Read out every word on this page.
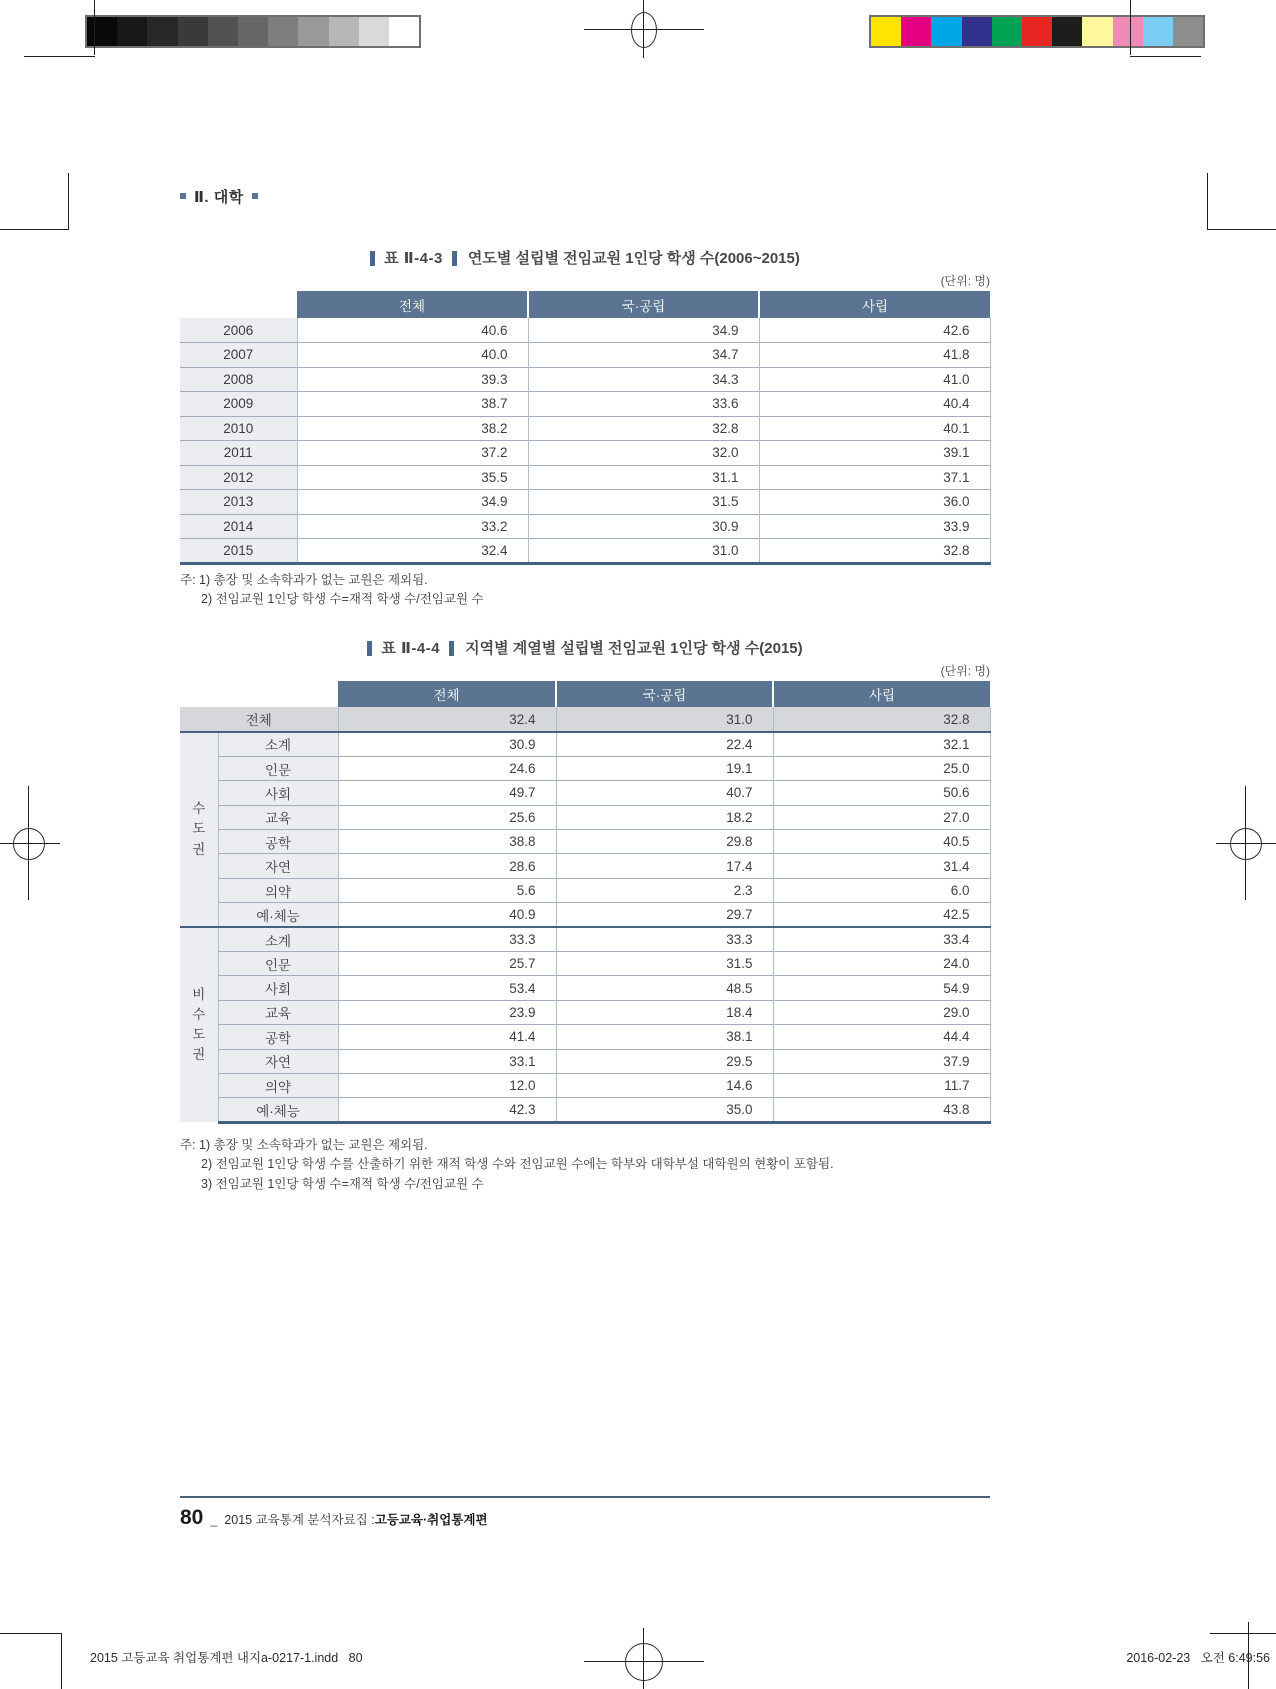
Ⅱ. 대학
표 Ⅱ-4-3 연도별 설립별 전임교원 1인당 학생 수(2006~2015)
(단위: 명)
	전체	국·공립	사립
2006	40.6	34.9	42.6
2007	40.0	34.7	41.8
2008	39.3	34.3	41.0
2009	38.7	33.6	40.4
2010	38.2	32.8	40.1
2011	37.2	32.0	39.1
2012	35.5	31.1	37.1
2013	34.9	31.5	36.0
2014	33.2	30.9	33.9
2015	32.4	31.0	32.8
주: 1) 총장 및 소속학과가 없는 교원은 제외됨.
2) 전임교원 1인당 학생 수=재적 학생 수/전임교원 수
표 Ⅱ-4-4 지역별 계열별 설립별 전임교원 1인당 학생 수(2015)
(단위: 명)
		전체	국·공립	사립
전체		32.4	31.0	32.8

수도권	소계	30.9	22.4	32.1
	인문	24.6	19.1	25.0
	사회	49.7	40.7	50.6
	교육	25.6	18.2	27.0
	공학	38.8	29.8	40.5
	자연	28.6	17.4	31.4
	의약	5.6	2.3	6.0
	예·체능	40.9	29.7	42.5

비수도권	소계	33.3	33.3	33.4
	인문	25.7	31.5	24.0
	사회	53.4	48.5	54.9
	교육	23.9	18.4	29.0
	공학	41.4	38.1	44.4
	자연	33.1	29.5	37.9
	의약	12.0	14.6	11.7
	예·체능	42.3	35.0	43.8
주: 1) 총장 및 소속학과가 없는 교원은 제외됨.
2) 전임교원 1인당 학생 수를 산출하기 위한 재적 학생 수와 전임교원 수에는 학부와 대학부설 대학원의 현황이 포함됨.
3) 전임교원 1인당 학생 수=재적 학생 수/전임교원 수
80 _ 2015 교육통계 분석자료집 : 고등교육·취업통계편
2015 고등교육 취업통계편 내지a-0217-1.indd   80	2016-02-23   오전 6:49:56
